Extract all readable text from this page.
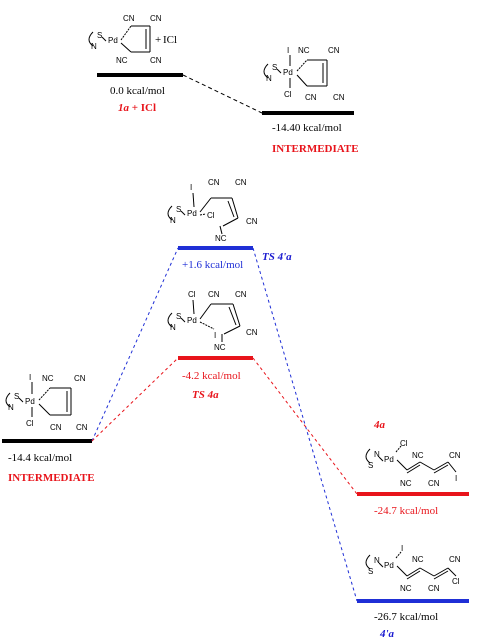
0.0 kcal/mol
1a + ICl
-14.40 kcal/mol
INTERMEDIATE
+1.6 kcal/mol
TS 4'a
-4.2 kcal/mol
TS 4a
-14.4 kcal/mol
INTERMEDIATE
4a
-24.7 kcal/mol
-26.7 kcal/mol
4'a
S
N
Pd
CN CN
NC	CN
+ ICl
S
N
Pd
I
Cl
NC CN
CN CN
S
N
Pd
I
Cl
CN CN
CN
NC
S
N
Pd
Cl
I
CN CN
CN
NC
S
N
Pd
I
Cl
NC	CN
CN CN
N
S
Pd
Cl
NC
NC
CN
CN
I
N
S
Pd
I
NC
NC
CN
CN
Cl
